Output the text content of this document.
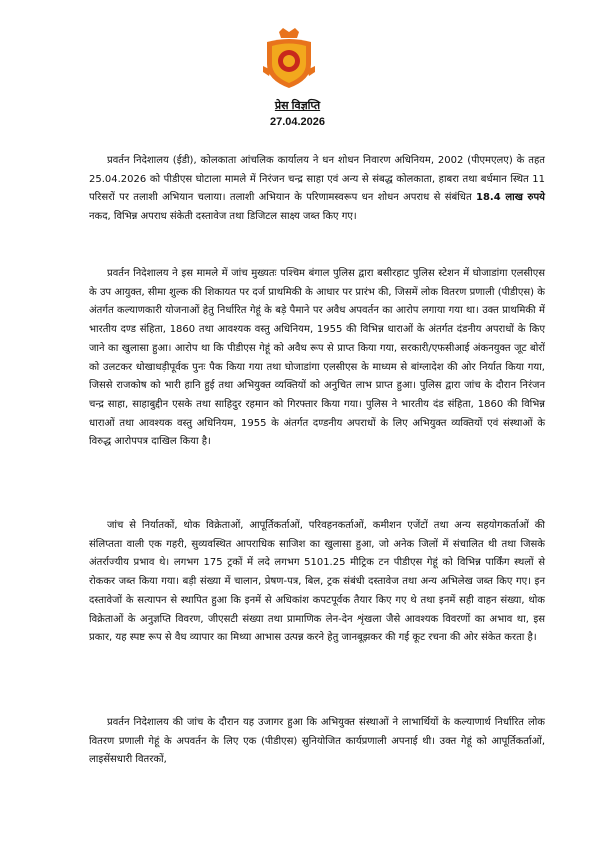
प्रेस विज्ञप्ति
27.04.2026

प्रवर्तन निदेशालय (ईडी), कोलकाता आंचलिक कार्यालय ने धन शोधन निवारण अधिनियम, 2002 (पीएमएलए) के तहत 25.04.2026 को पीडीएस घोटाला मामले में निरंजन चन्द्र साहा एवं अन्य से संबद्ध कोलकाता, हाबरा तथा बर्धमान स्थित 11 परिसरों पर तलाशी अभियान चलाया। तलाशी अभियान के परिणामस्वरूप धन शोधन अपराध से संबंधित 18.4 लाख रुपये नकद, विभिन्न अपराध संकेती दस्तावेज तथा डिजिटल साक्ष्य जब्त किए गए।

प्रवर्तन निदेशालय ने इस मामले में जांच मुख्यतः पश्चिम बंगाल पुलिस द्वारा बसीरहाट पुलिस स्टेशन में घोजाडांगा एलसीएस के उप आयुक्त, सीमा शुल्क की शिकायत पर दर्ज प्राथमिकी के आधार पर प्रारंभ की, जिसमें लोक वितरण प्रणाली (पीडीएस) के अंतर्गत कल्याणकारी योजनाओं हेतु निर्धारित गेहूं के बड़े पैमाने पर अवैध अपवर्तन का आरोप लगाया गया था। उक्त प्राथमिकी में भारतीय दण्ड संहिता, 1860 तथा आवश्यक वस्तु अधिनियम, 1955 की विभिन्न धाराओं के अंतर्गत दंडनीय अपराधों के किए जाने का खुलासा हुआ। आरोप था कि पीडीएस गेहूं को अवैध रूप से प्राप्त किया गया, सरकारी/एफसीआई अंकनयुक्त जूट बोरों को उलटकर धोखाधड़ीपूर्वक पुनः पैक किया गया तथा घोजाडांगा एलसीएस के माध्यम से बांग्लादेश की ओर निर्यात किया गया, जिससे राजकोष को भारी हानि हुई तथा अभियुक्त व्यक्तियों को अनुचित लाभ प्राप्त हुआ। पुलिस द्वारा जांच के दौरान निरंजन चन्द्र साहा, साहाबुद्दीन एसके तथा साहिदुर रहमान को गिरफ्तार किया गया। पुलिस ने भारतीय दंड संहिता, 1860 की विभिन्न धाराओं तथा आवश्यक वस्तु अधिनियम, 1955 के अंतर्गत दण्डनीय अपराधों के लिए अभियुक्त व्यक्तियों एवं संस्थाओं के विरुद्ध आरोपपत्र दाखिल किया है।

जांच से निर्यातकों, थोक विक्रेताओं, आपूर्तिकर्ताओं, परिवहनकर्ताओं, कमीशन एजेंटों तथा अन्य सहयोगकर्ताओं की संलिप्तता वाली एक गहरी, सुव्यवस्थित आपराधिक साजिश का खुलासा हुआ, जो अनेक जिलों में संचालित थी तथा जिसके अंतर्राज्यीय प्रभाव थे। लगभग 175 ट्रकों में लदे लगभग 5101.25 मीट्रिक टन पीडीएस गेहूं को विभिन्न पार्किंग स्थलों से रोककर जब्त किया गया। बड़ी संख्या में चालान, प्रेषण-पत्र, बिल, ट्रक संबंधी दस्तावेज तथा अन्य अभिलेख जब्त किए गए। इन दस्तावेजों के सत्यापन से स्थापित हुआ कि इनमें से अधिकांश कपटपूर्वक तैयार किए गए थे तथा इनमें सही वाहन संख्या, थोक विक्रेताओं के अनुज्ञप्ति विवरण, जीएसटी संख्या तथा प्रामाणिक लेन-देन शृंखला जैसे आवश्यक विवरणों का अभाव था, इस प्रकार, यह स्पष्ट रूप से वैध व्यापार का मिथ्या आभास उत्पन्न करने हेतु जानबूझकर की गई कूट रचना की ओर संकेत करता है।

प्रवर्तन निदेशालय की जांच के दौरान यह उजागर हुआ कि अभियुक्त संस्थाओं ने लाभार्थियों के कल्याणार्थ निर्धारित लोक वितरण प्रणाली गेहूं के अपवर्तन के लिए एक (पीडीएस) सुनियोजित कार्यप्रणाली अपनाई थी। उक्त गेहूं को आपूर्तिकर्ताओं, लाइसेंसधारी वितरकों,
